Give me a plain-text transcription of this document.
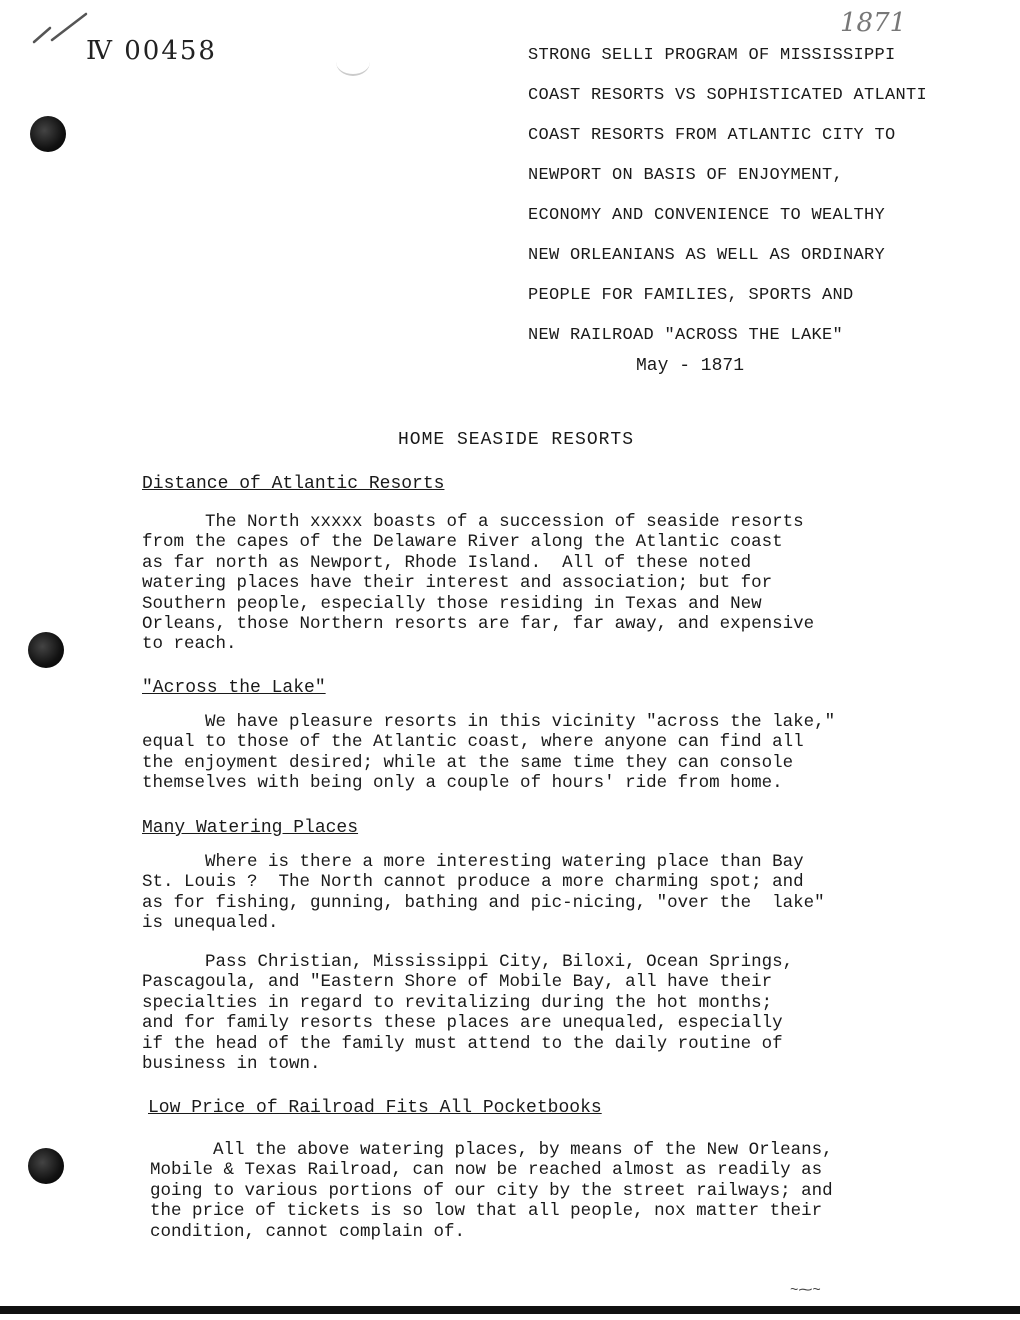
Ⅳ 00458
1871
STRONG SELLI PROGRAM OF MISSISSIPPI
COAST RESORTS VS SOPHISTICATED ATLANTI
COAST RESORTS FROM ATLANTIC CITY TO
NEWPORT ON BASIS OF ENJOYMENT,
ECONOMY AND CONVENIENCE TO WEALTHY
NEW ORLEANIANS AS WELL AS ORDINARY
PEOPLE FOR FAMILIES, SPORTS AND
NEW RAILROAD "ACROSS THE LAKE"
May - 1871
HOME SEASIDE RESORTS
Distance of Atlantic Resorts
The North xxxxx boasts of a succession of seaside resorts
from the capes of the Delaware River along the Atlantic coast
as far north as Newport, Rhode Island.  All of these noted
watering places have their interest and association; but for
Southern people, especially those residing in Texas and New
Orleans, those Northern resorts are far, far away, and expensive
to reach.
"Across the Lake"
We have pleasure resorts in this vicinity "across the lake,"
equal to those of the Atlantic coast, where anyone can find all
the enjoyment desired; while at the same time they can console
themselves with being only a couple of hours' ride from home.
Many Watering Places
Where is there a more interesting watering place than Bay
St. Louis ?  The North cannot produce a more charming spot; and
as for fishing, gunning, bathing and pic-nicing, "over the  lake"
is unequaled.
Pass Christian, Mississippi City, Biloxi, Ocean Springs,
Pascagoula, and "Eastern Shore of Mobile Bay, all have their
specialties in regard to revitalizing during the hot months;
and for family resorts these places are unequaled, especially
if the head of the family must attend to the daily routine of
business in town.
Low Price of Railroad Fits All Pocketbooks
All the above watering places, by means of the New Orleans,
Mobile & Texas Railroad, can now be reached almost as readily as
going to various portions of our city by the street railways; and
the price of tickets is so low that all people, nox matter their
condition, cannot complain of.
~⁓~
